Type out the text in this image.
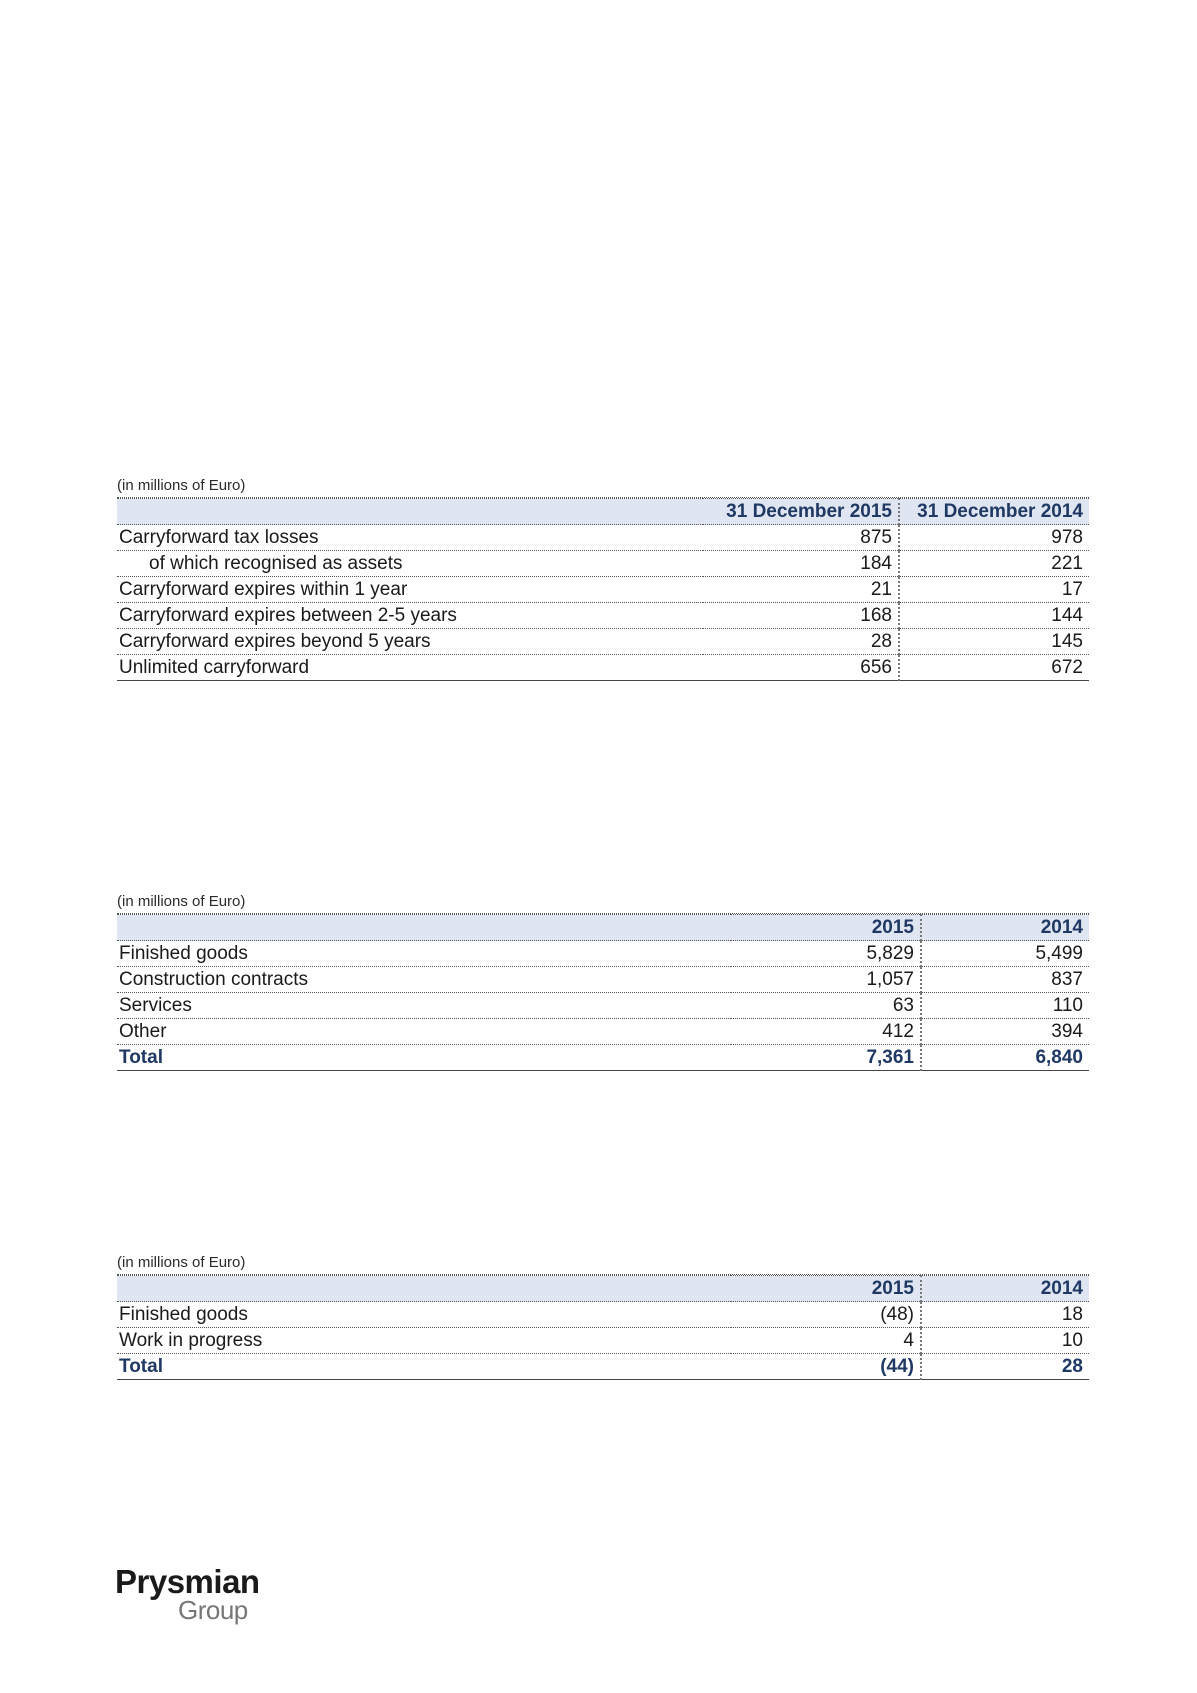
(in millions of Euro)
	31 December 2015	31 December 2014
Carryforward tax losses	875	978
of which recognised as assets	184	221
Carryforward expires within 1 year	21	17
Carryforward expires between 2-5 years	168	144
Carryforward expires beyond 5 years	28	145
Unlimited carryforward	656	672
(in millions of Euro)
	2015	2014
Finished goods	5,829	5,499
Construction contracts	1,057	837
Services	63	110
Other	412	394
Total	7,361	6,840
(in millions of Euro)
	2015	2014
Finished goods	(48)	18
Work in progress	4	10
Total	(44)	28
Prysmian
Group
